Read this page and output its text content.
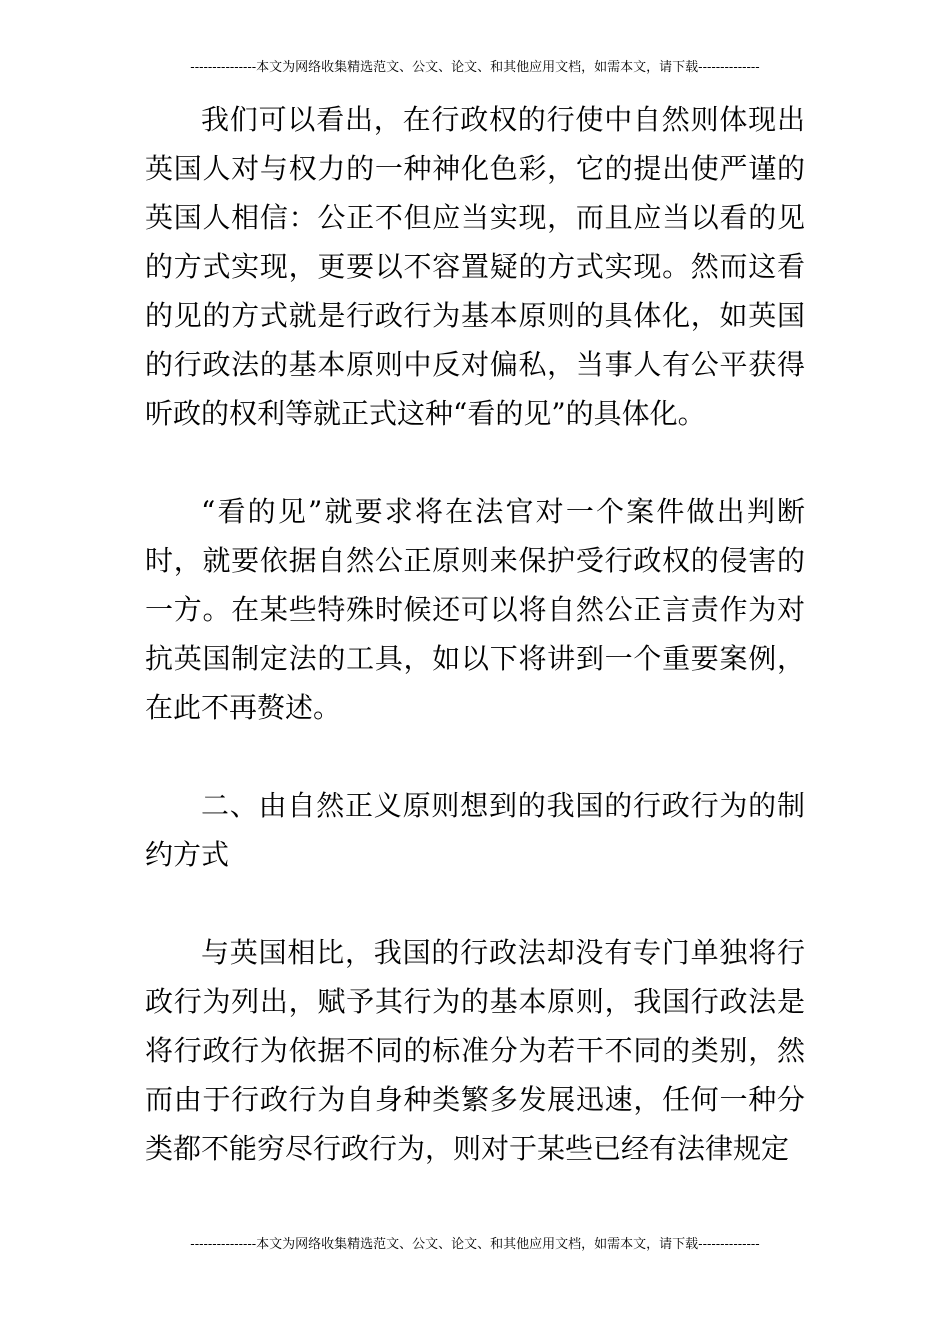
---------------本文为网络收集精选范文、公文、论文、和其他应用文档，如需本文，请下载--------------

我们可以看出，在行政权的行使中自然则体现出英国人对与权力的一种神化色彩，它的提出使严谨的英国人相信：公正不但应当实现，而且应当以看的见的方式实现，更要以不容置疑的方式实现。然而这看的见的方式就是行政行为基本原则的具体化，如英国的行政法的基本原则中反对偏私，当事人有公平获得听政的权利等就正式这种“看的见”的具体化。

“看的见”就要求将在法官对一个案件做出判断时，就要依据自然公正原则来保护受行政权的侵害的一方。在某些特殊时候还可以将自然公正言责作为对抗英国制定法的工具，如以下将讲到一个重要案例，在此不再赘述。

二、由自然正义原则想到的我国的行政行为的制约方式

与英国相比，我国的行政法却没有专门单独将行政行为列出，赋予其行为的基本原则，我国行政法是将行政行为依据不同的标准分为若干不同的类别，然而由于行政行为自身种类繁多发展迅速，任何一种分类都不能穷尽行政行为，则对于某些已经有法律规定

---------------本文为网络收集精选范文、公文、论文、和其他应用文档，如需本文，请下载--------------
